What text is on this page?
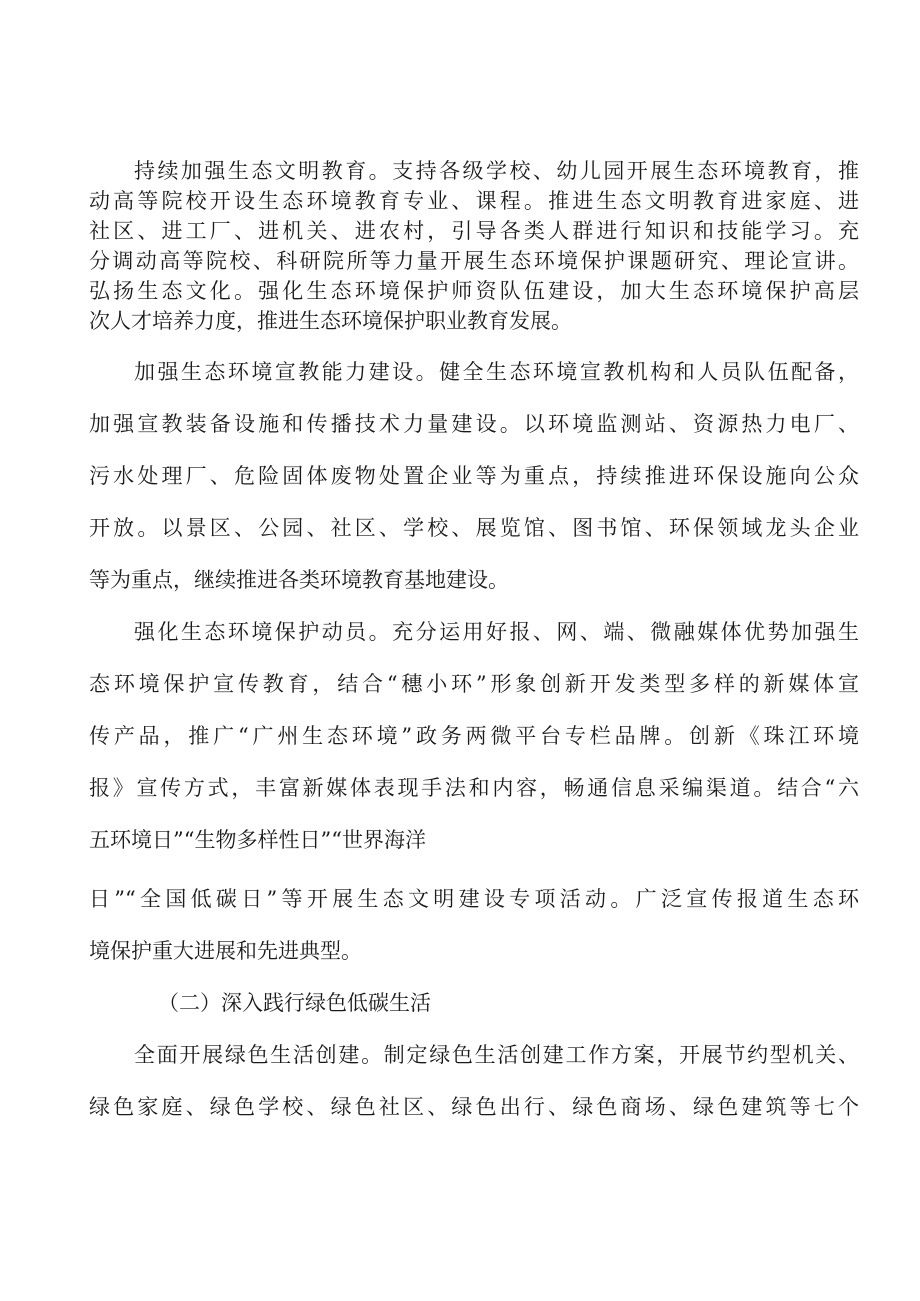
持续加强生态文明教育。支持各级学校、幼儿园开展生态环境教育，推
动高等院校开设生态环境教育专业、课程。推进生态文明教育进家庭、进
社区、进工厂、进机关、进农村，引导各类人群进行知识和技能学习。充
分调动高等院校、科研院所等力量开展生态环境保护课题研究、理论宣讲。
弘扬生态文化。强化生态环境保护师资队伍建设，加大生态环境保护高层
次人才培养力度，推进生态环境保护职业教育发展。
加强生态环境宣教能力建设。健全生态环境宣教机构和人员队伍配备，
加强宣教装备设施和传播技术力量建设。以环境监测站、资源热力电厂、
污水处理厂、危险固体废物处置企业等为重点，持续推进环保设施向公众
开放。以景区、公园、社区、学校、展览馆、图书馆、环保领域龙头企业
等为重点，继续推进各类环境教育基地建设。
强化生态环境保护动员。充分运用好报、网、端、微融媒体优势加强生
态环境保护宣传教育，结合“穗小环”形象创新开发类型多样的新媒体宣
传产品，推广“广州生态环境”政务两微平台专栏品牌。创新《珠江环境
报》宣传方式，丰富新媒体表现手法和内容，畅通信息采编渠道。结合“六
五环境日”“生物多样性日”“世界海洋
日”“全国低碳日”等开展生态文明建设专项活动。广泛宣传报道生态环
境保护重大进展和先进典型。
（二）深入践行绿色低碳生活
全面开展绿色生活创建。制定绿色生活创建工作方案，开展节约型机关、
绿色家庭、绿色学校、绿色社区、绿色出行、绿色商场、绿色建筑等七个
